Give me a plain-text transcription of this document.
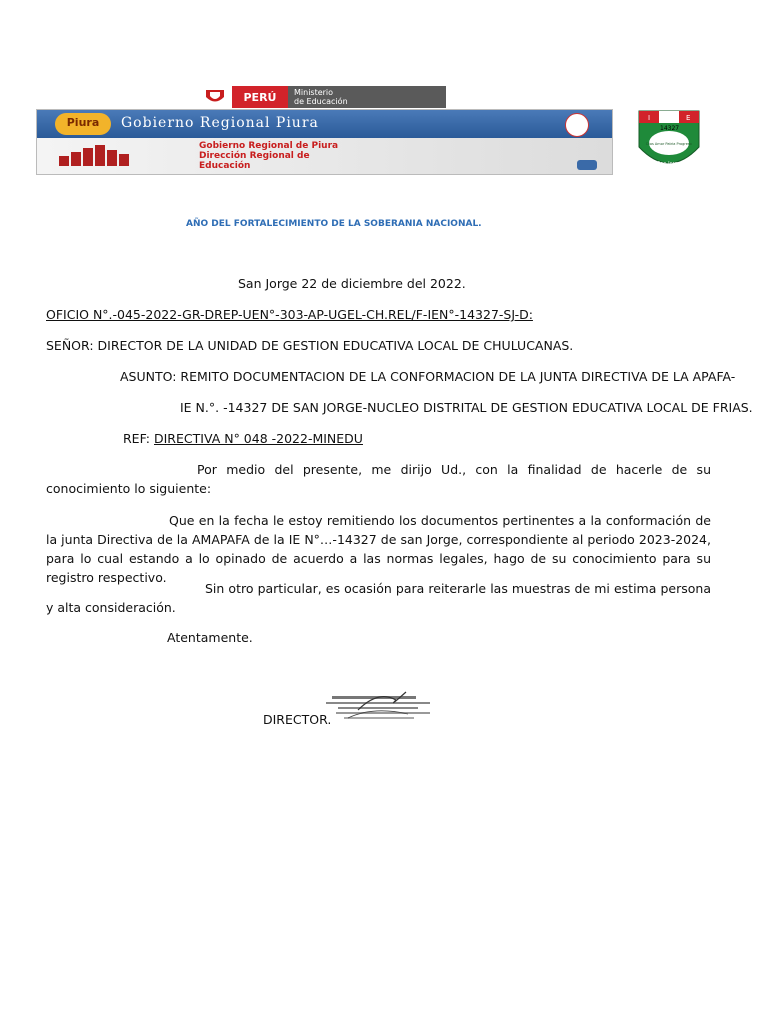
PERÚ	Ministerio
de Educación
Piura	Gobierno Regional Piura
Gobierno Regional de Piura
Dirección Regional de
Educación
I	E
14327
Dios Amor Patria Progreso
San Jorge
AÑO DEL FORTALECIMIENTO DE LA SOBERANIA NACIONAL.
San Jorge 22 de diciembre del 2022.
OFICIO N°.-045-2022-GR-DREP-UEN°-303-AP-UGEL-CH.REL/F-IEN°-14327-SJ-D:
SEÑOR: DIRECTOR DE LA UNIDAD DE GESTION EDUCATIVA LOCAL DE CHULUCANAS.
ASUNTO: REMITO DOCUMENTACION DE LA CONFORMACION DE LA JUNTA DIRECTIVA DE LA APAFA-
IE N.°. -14327 DE SAN JORGE-NUCLEO DISTRITAL DE GESTION EDUCATIVA LOCAL DE FRIAS.
REF: DIRECTIVA N° 048 -2022-MINEDU
Por medio del presente, me dirijo Ud., con la finalidad de hacerle de su conocimiento lo siguiente:
Que en la fecha le estoy remitiendo los documentos pertinentes a la conformación de la junta Directiva de la AMAPAFA de la IE N°…-14327 de san Jorge, correspondiente al periodo 2023-2024, para lo cual estando a lo opinado de acuerdo a las normas legales, hago de su conocimiento para su registro respectivo.
Sin otro particular, es ocasión para reiterarle las muestras de mi estima persona y alta consideración.
Atentamente.
DIRECTOR.
